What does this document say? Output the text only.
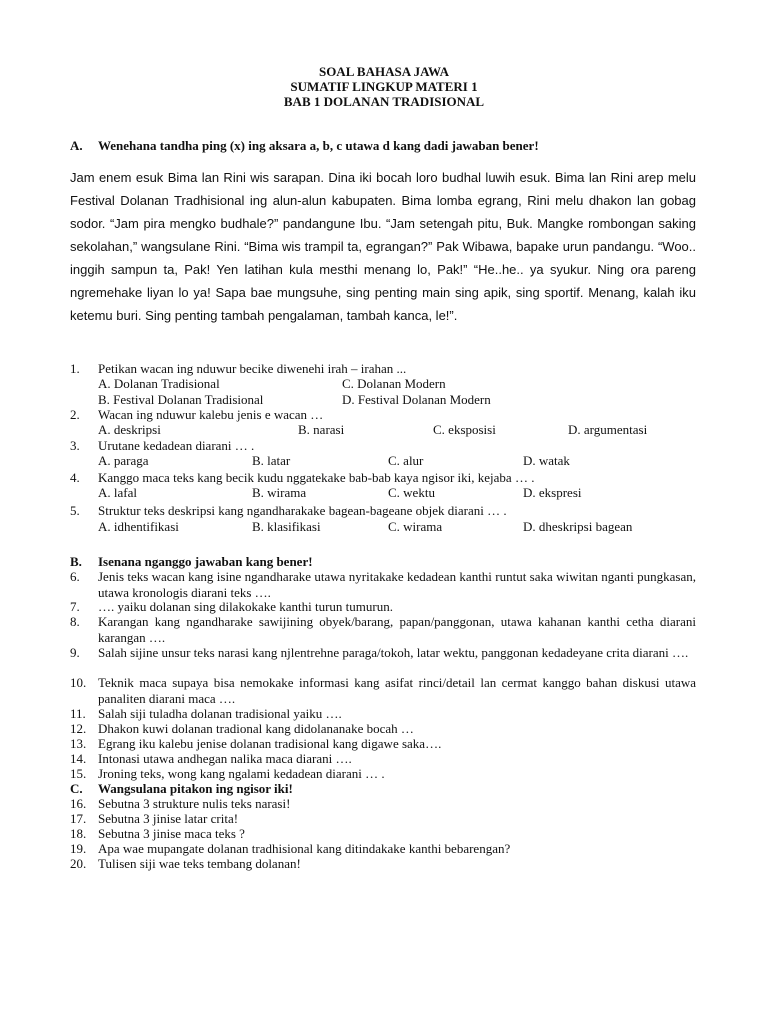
SOAL BAHASA JAWA
SUMATIF LINGKUP MATERI 1
BAB 1 DOLANAN TRADISIONAL
A. Wenehana tandha ping (x) ing aksara a, b, c utawa d kang dadi jawaban bener!
Jam enem esuk Bima lan Rini wis sarapan. Dina iki bocah loro budhal luwih esuk. Bima lan Rini arep melu Festival Dolanan Tradhisional ing alun-alun kabupaten. Bima lomba egrang, Rini melu dhakon lan gobag sodor. “Jam pira mengko budhale?” pandangune Ibu. “Jam setengah pitu, Buk. Mangke rombongan saking sekolahan,” wangsulane Rini. “Bima wis trampil ta, egrangan?” Pak Wibawa, bapake urun pandangu. “Woo.. inggih sampun ta, Pak! Yen latihan kula mesthi menang lo, Pak!” “He..he.. ya syukur. Ning ora pareng ngremehake liyan lo ya! Sapa bae mungsuhe, sing penting main sing apik, sing sportif. Menang, kalah iku ketemu buri. Sing penting tambah pengalaman, tambah kanca, le!”.
1. Petikan wacan ing nduwur becike diwenehi irah – irahan ...
A. Dolanan Tradisional	C. Dolanan Modern
B. Festival Dolanan Tradisional	D. Festival Dolanan Modern
2. Wacan ing nduwur kalebu jenis e wacan …
A. deskripsi	B. narasi	C. eksposisi	D. argumentasi
3. Urutane kedadean diarani … .
A. paraga	B. latar	C. alur	D. watak
4. Kanggo maca teks kang becik kudu nggatekake bab-bab kaya ngisor iki, kejaba … .
A. lafal	B. wirama	C. wektu	D. ekspresi
5. Struktur teks deskripsi kang ngandharakake bagean-bageane objek diarani … .
A. idhentifikasi	B. klasifikasi	C. wirama	D. dheskripsi bagean
B. Isenana nganggo jawaban kang bener!
6. Jenis teks wacan kang isine ngandharake utawa nyritakake kedadean kanthi runtut saka wiwitan nganti pungkasan, utawa kronologis diarani teks ….
7. …. yaiku dolanan sing dilakokake kanthi turun tumurun.
8. Karangan kang ngandharake sawijining obyek/barang, papan/panggonan, utawa kahanan kanthi cetha diarani karangan ….
9. Salah sijine unsur teks narasi kang njlentrehne paraga/tokoh, latar wektu, panggonan kedadeyane crita diarani ….
10. Teknik maca supaya bisa nemokake informasi kang asifat rinci/detail lan cermat kanggo bahan diskusi utawa panaliten diarani maca ….
11. Salah siji tuladha dolanan tradisional yaiku ….
12. Dhakon kuwi dolanan tradional kang didolananake bocah …
13. Egrang iku kalebu jenise dolanan tradisional kang digawe saka….
14. Intonasi utawa andhegan nalika maca diarani ….
15. Jroning teks, wong kang ngalami kedadean diarani … .
C. Wangsulana pitakon ing ngisor iki!
16. Sebutna 3 strukture nulis teks narasi!
17. Sebutna 3 jinise latar crita!
18. Sebutna 3 jinise maca teks ?
19. Apa wae mupangate dolanan tradhisional kang ditindakake kanthi bebarengan?
20. Tulisen siji wae teks tembang dolanan!
